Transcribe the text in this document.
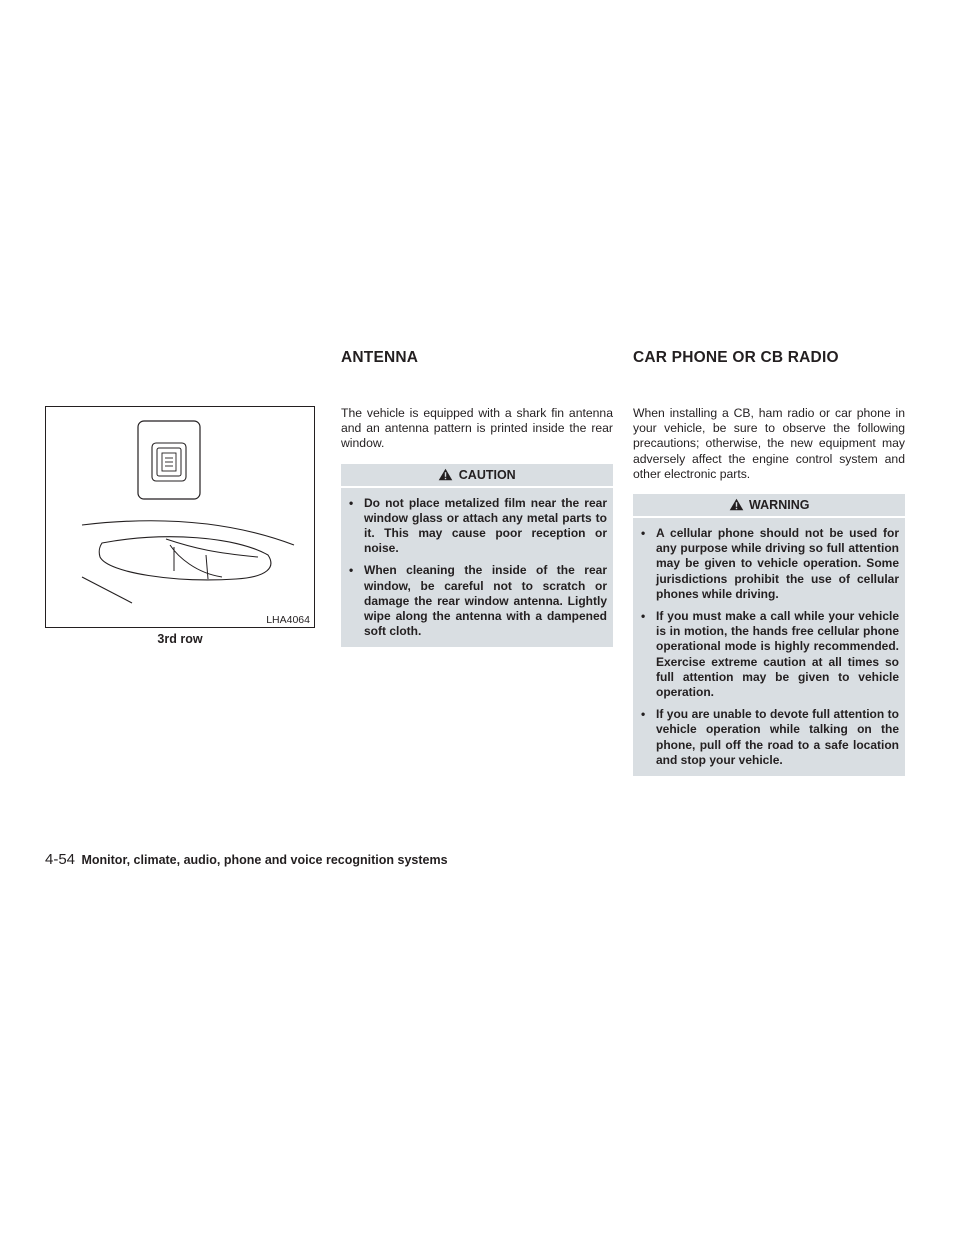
LHA4064
3rd row
ANTENNA

The vehicle is equipped with a shark fin antenna and an antenna pattern is printed inside the rear window.

CAUTION
• Do not place metalized film near the rear window glass or attach any metal parts to it. This may cause poor reception or noise.
• When cleaning the inside of the rear window, be careful not to scratch or damage the rear window antenna. Lightly wipe along the antenna with a dampened soft cloth.
CAR PHONE OR CB RADIO

When installing a CB, ham radio or car phone in your vehicle, be sure to observe the following precautions; otherwise, the new equipment may adversely affect the engine control system and other electronic parts.

WARNING
• A cellular phone should not be used for any purpose while driving so full attention may be given to vehicle operation. Some jurisdictions prohibit the use of cellular phones while driving.
• If you must make a call while your vehicle is in motion, the hands free cellular phone operational mode is highly recommended. Exercise extreme caution at all times so full attention may be given to vehicle operation.
• If you are unable to devote full attention to vehicle operation while talking on the phone, pull off the road to a safe location and stop your vehicle.
4-54 Monitor, climate, audio, phone and voice recognition systems
